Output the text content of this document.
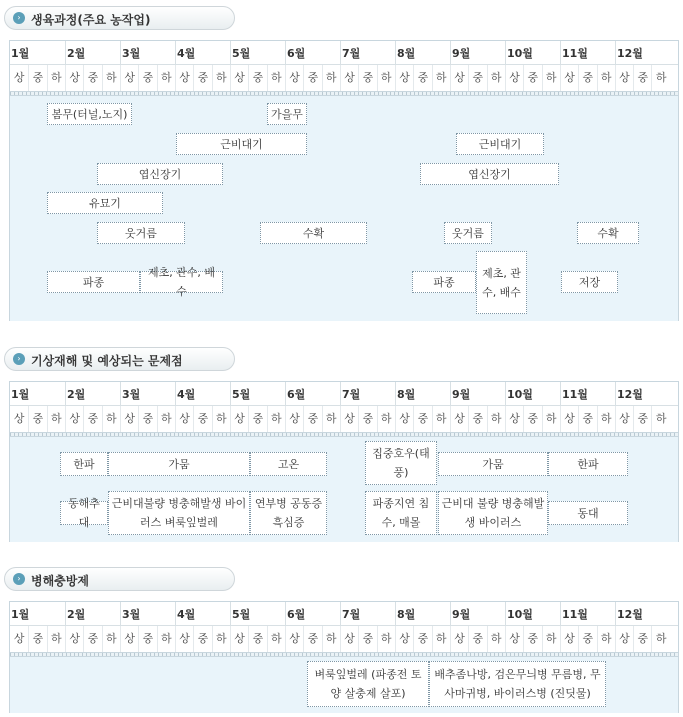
› 생육과정(주요 농작업)
1월	2월	3월	4월	5월	6월	7월	8월	9월	10월	11월	12월
상 중 하 상 중 하 상 중 하 상 중 하 상 중 하 상 중 하 상 중 하 상 중 하 상 중 하 상 중 하 상 중 하 상 중 하
봄무(터널,노지)	가을무
근비대기	근비대기
엽신장기	엽신장기
유묘기
웃거름	수확	웃거름	수확
파종
제초, 관수, 배수
파종
제초, 관수, 배수
저장
› 기상재해 및 예상되는 문제점
1월	2월	3월	4월	5월	6월	7월	8월	9월	10월	11월	12월
상 중 하 상 중 하 상 중 하 상 중 하 상 중 하 상 중 하 상 중 하 상 중 하 상 중 하 상 중 하 상 중 하 상 중 하
한파	가뭄	고온
집중호우(태풍)
가뭄	한파
동해추대
근비대불량 병충해발생 바이러스 벼룩잎벌레
연부병 공동증 흑심증
파종지연 침수, 매몰
근비대 불량 병충해발생 바이러스
동대
› 병해충방제
1월	2월	3월	4월	5월	6월	7월	8월	9월	10월	11월	12월
상 중 하 상 중 하 상 중 하 상 중 하 상 중 하 상 중 하 상 중 하 상 중 하 상 중 하 상 중 하 상 중 하 상 중 하
벼룩잎벌레 (파종전 토양 살충제 살포)
배추좀나방, 검은무늬병 무름병, 무사마귀병, 바이러스병 (진딧물)
